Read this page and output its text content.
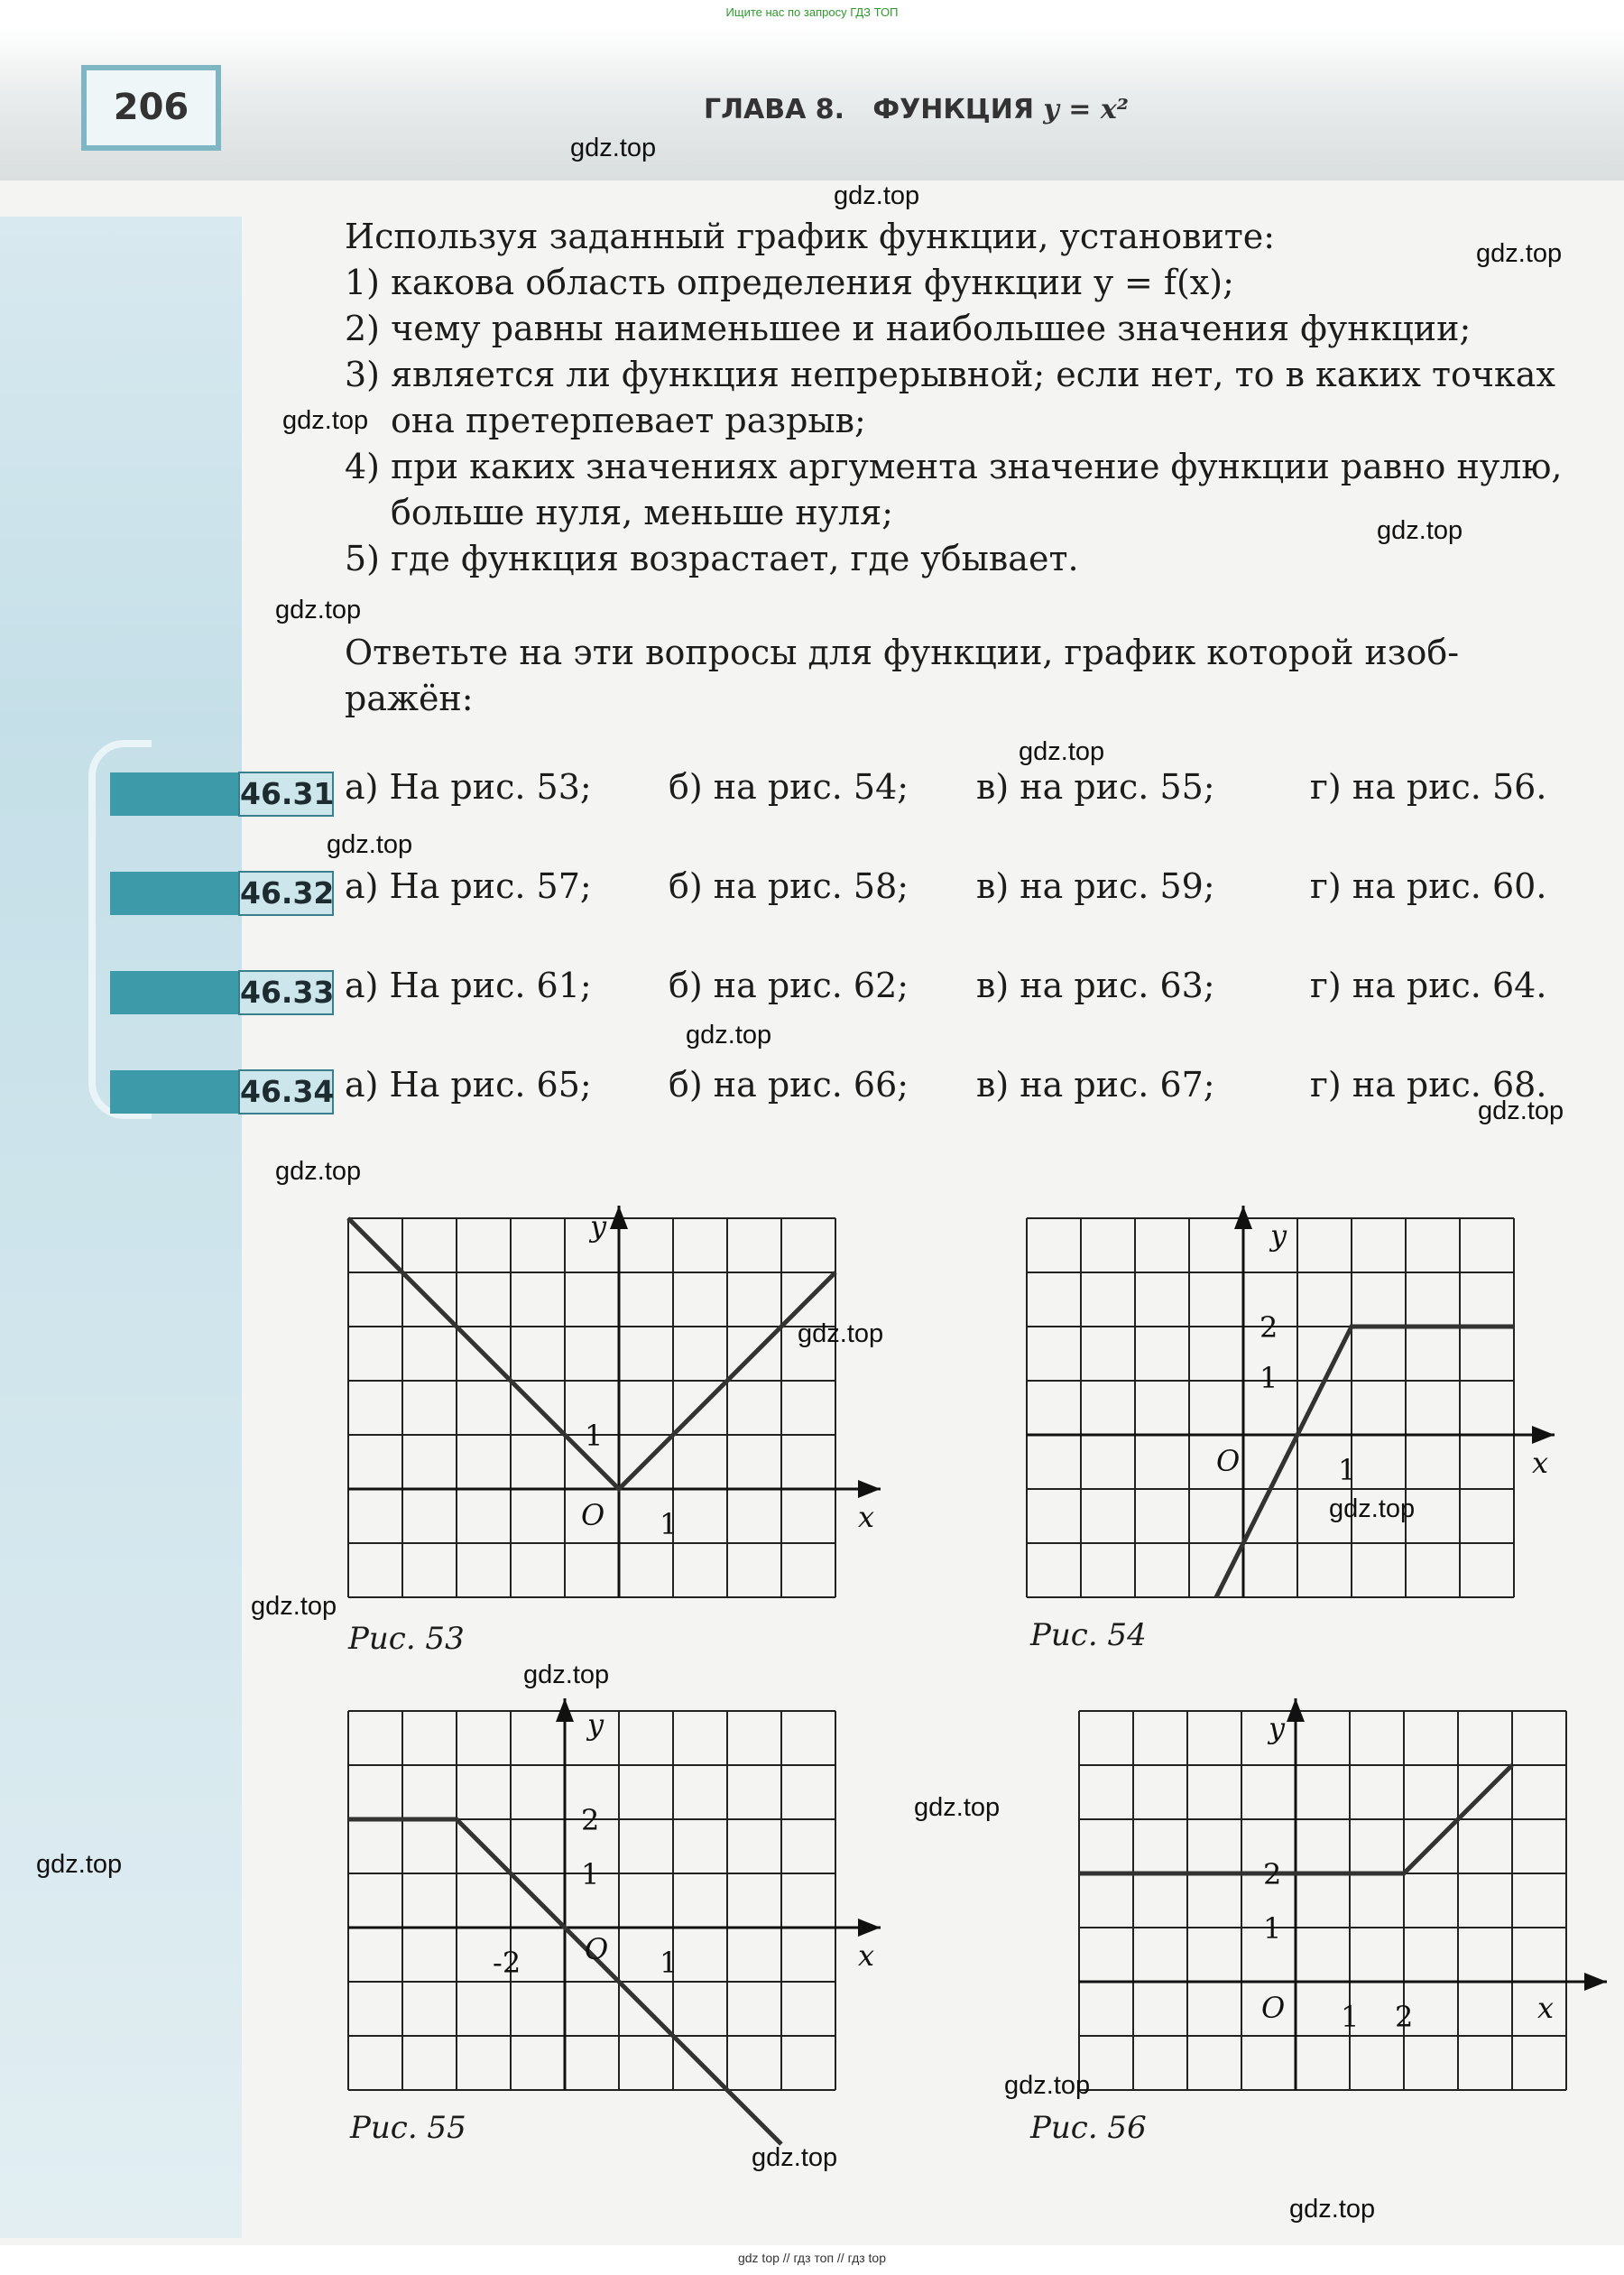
Ищите нас по запросу ГДЗ ТОП
206	ГЛАВА 8. ФУНКЦИЯ y = x²
Используя заданный график функции, установите:
1) какова область определения функции y = f(x);
2) чему равны наименьшее и наибольшее значения функции;
3) является ли функция непрерывной; если нет, то в каких точках
она претерпевает разрыв;
4) при каких значениях аргумента значение функции равно нулю,
больше нуля, меньше нуля;
5) где функция возрастает, где убывает.
Ответьте на эти вопросы для функции, график которой изоб-
ражён:
46.31 а) На рис. 53; б) на рис. 54; в) на рис. 55;	г) на рис. 56.
46.32 а) На рис. 57; б) на рис. 58; в) на рис. 59;	г) на рис. 60.
46.33 а) На рис. 61; б) на рис. 62; в) на рис. 63;	г) на рис. 64.
46.34 а) На рис. 65; б) на рис. 66; в) на рис. 67;	г) на рис. 68.
x
y
O 1
1
Рис. 53
x
y
O	1
1
2
Рис. 54
x
y
O
-2	1
1
2
Рис. 55
x
y
O 1 2
1
2
Рис. 56
gdz.top
gdz.top
gdz.top
gdz.top
gdz.top
gdz.top
gdz.top
gdz.top
gdz.top
gdz.top
gdz.top
gdz.top
gdz.top
gdz.top
gdz.top
gdz.top
gdz.top
gdz.top
gdz.top
gdz.top
gdz top // гдз топ // гдз top
